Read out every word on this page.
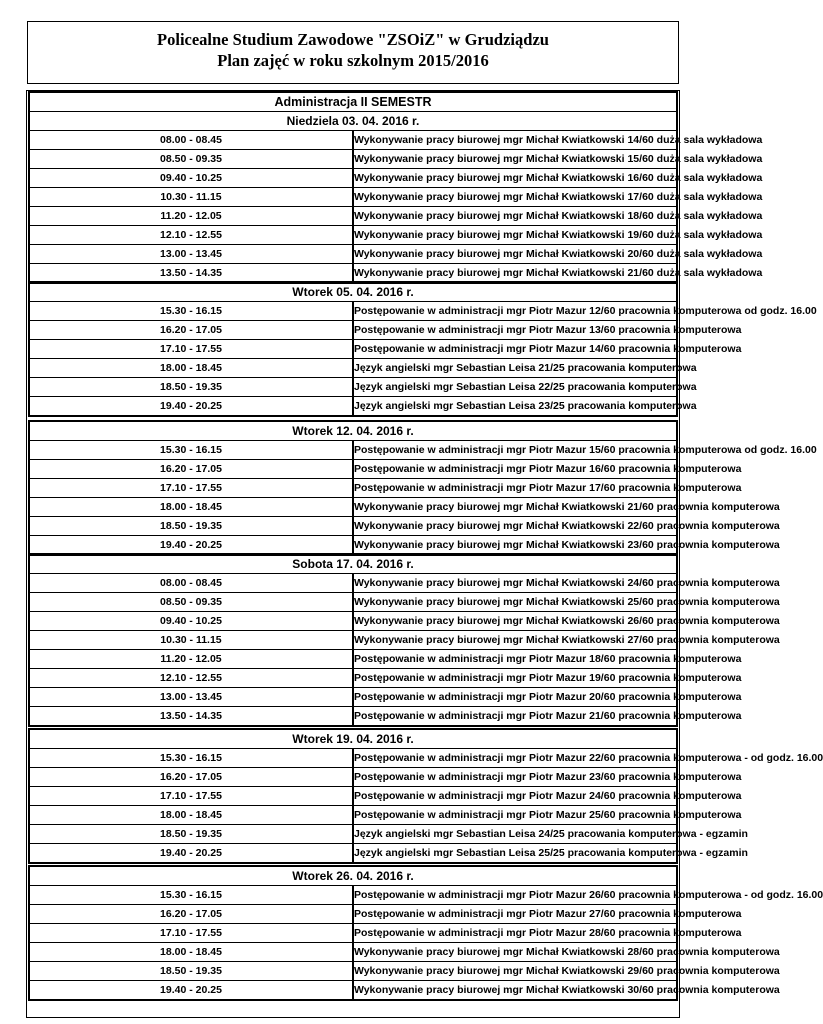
Policealne Studium Zawodowe "ZSOiZ" w Grudziądzu
Plan zajęć w roku szkolnym 2015/2016
Administracja II SEMESTR	
Niedziela 03. 04. 2016 r.	
08.00 - 08.45	Wykonywanie pracy biurowej mgr Michał Kwiatkowski 14/60 duża sala wykładowa
08.50 - 09.35	Wykonywanie pracy biurowej mgr Michał Kwiatkowski 15/60 duża sala wykładowa
09.40 - 10.25	Wykonywanie pracy biurowej mgr Michał Kwiatkowski 16/60 duża sala wykładowa
10.30 - 11.15	Wykonywanie pracy biurowej mgr Michał Kwiatkowski 17/60 duża sala wykładowa
11.20 - 12.05	Wykonywanie pracy biurowej mgr Michał Kwiatkowski 18/60 duża sala wykładowa
12.10 - 12.55	Wykonywanie pracy biurowej mgr Michał Kwiatkowski 19/60 duża sala wykładowa
13.00 - 13.45	Wykonywanie pracy biurowej mgr Michał Kwiatkowski 20/60 duża sala wykładowa
13.50 - 14.35	Wykonywanie pracy biurowej mgr Michał Kwiatkowski 21/60 duża sala wykładowa
Wtorek 05. 04. 2016 r.	
15.30 - 16.15	Postępowanie w administracji mgr Piotr Mazur 12/60 pracownia komputerowa od godz. 16.00
16.20 - 17.05	Postępowanie w administracji mgr Piotr Mazur 13/60 pracownia komputerowa
17.10 - 17.55	Postępowanie w administracji mgr Piotr Mazur 14/60 pracownia komputerowa
18.00 - 18.45	Język angielski mgr Sebastian Leisa 21/25 pracowania komputerowa
18.50 - 19.35	Język angielski mgr Sebastian Leisa 22/25 pracowania komputerowa
19.40 - 20.25	Język angielski mgr Sebastian Leisa 23/25 pracowania komputerowa
Wtorek 12. 04. 2016 r.	
15.30 - 16.15	Postępowanie w administracji mgr Piotr Mazur 15/60 pracownia komputerowa od godz. 16.00
16.20 - 17.05	Postępowanie w administracji mgr Piotr Mazur 16/60 pracownia komputerowa
17.10 - 17.55	Postępowanie w administracji mgr Piotr Mazur 17/60 pracownia komputerowa
18.00 - 18.45	Wykonywanie pracy biurowej mgr Michał Kwiatkowski 21/60 pracownia komputerowa
18.50 - 19.35	Wykonywanie pracy biurowej mgr Michał Kwiatkowski 22/60 pracownia komputerowa
19.40 - 20.25	Wykonywanie pracy biurowej mgr Michał Kwiatkowski 23/60 pracownia komputerowa
Sobota 17. 04. 2016 r.	
08.00 - 08.45	Wykonywanie pracy biurowej mgr Michał Kwiatkowski 24/60 pracownia komputerowa
08.50 - 09.35	Wykonywanie pracy biurowej mgr Michał Kwiatkowski 25/60 pracownia komputerowa
09.40 - 10.25	Wykonywanie pracy biurowej mgr Michał Kwiatkowski 26/60 pracownia komputerowa
10.30 - 11.15	Wykonywanie pracy biurowej mgr Michał Kwiatkowski 27/60 pracownia komputerowa
11.20 - 12.05	Postępowanie w administracji mgr Piotr Mazur 18/60 pracownia komputerowa
12.10 - 12.55	Postępowanie w administracji mgr Piotr Mazur 19/60 pracownia komputerowa
13.00 - 13.45	Postępowanie w administracji mgr Piotr Mazur 20/60 pracownia komputerowa
13.50 - 14.35	Postępowanie w administracji mgr Piotr Mazur 21/60 pracownia komputerowa
Wtorek 19. 04. 2016 r.	
15.30 - 16.15	Postępowanie w administracji mgr Piotr Mazur 22/60 pracownia komputerowa - od godz. 16.00
16.20 - 17.05	Postępowanie w administracji mgr Piotr Mazur 23/60 pracownia komputerowa
17.10 - 17.55	Postępowanie w administracji mgr Piotr Mazur 24/60 pracownia komputerowa
18.00 - 18.45	Postępowanie w administracji mgr Piotr Mazur 25/60 pracownia komputerowa
18.50 - 19.35	Język angielski mgr Sebastian Leisa 24/25 pracowania komputerowa - egzamin
19.40 - 20.25	Język angielski mgr Sebastian Leisa 25/25 pracowania komputerowa - egzamin
Wtorek 26. 04. 2016 r.	
15.30 - 16.15	Postępowanie w administracji mgr Piotr Mazur 26/60 pracownia komputerowa - od godz. 16.00
16.20 - 17.05	Postępowanie w administracji mgr Piotr Mazur 27/60 pracownia komputerowa
17.10 - 17.55	Postępowanie w administracji mgr Piotr Mazur 28/60 pracownia komputerowa
18.00 - 18.45	Wykonywanie pracy biurowej mgr Michał Kwiatkowski 28/60 pracownia komputerowa
18.50 - 19.35	Wykonywanie pracy biurowej mgr Michał Kwiatkowski 29/60 pracownia komputerowa
19.40 - 20.25	Wykonywanie pracy biurowej mgr Michał Kwiatkowski 30/60 pracownia komputerowa
